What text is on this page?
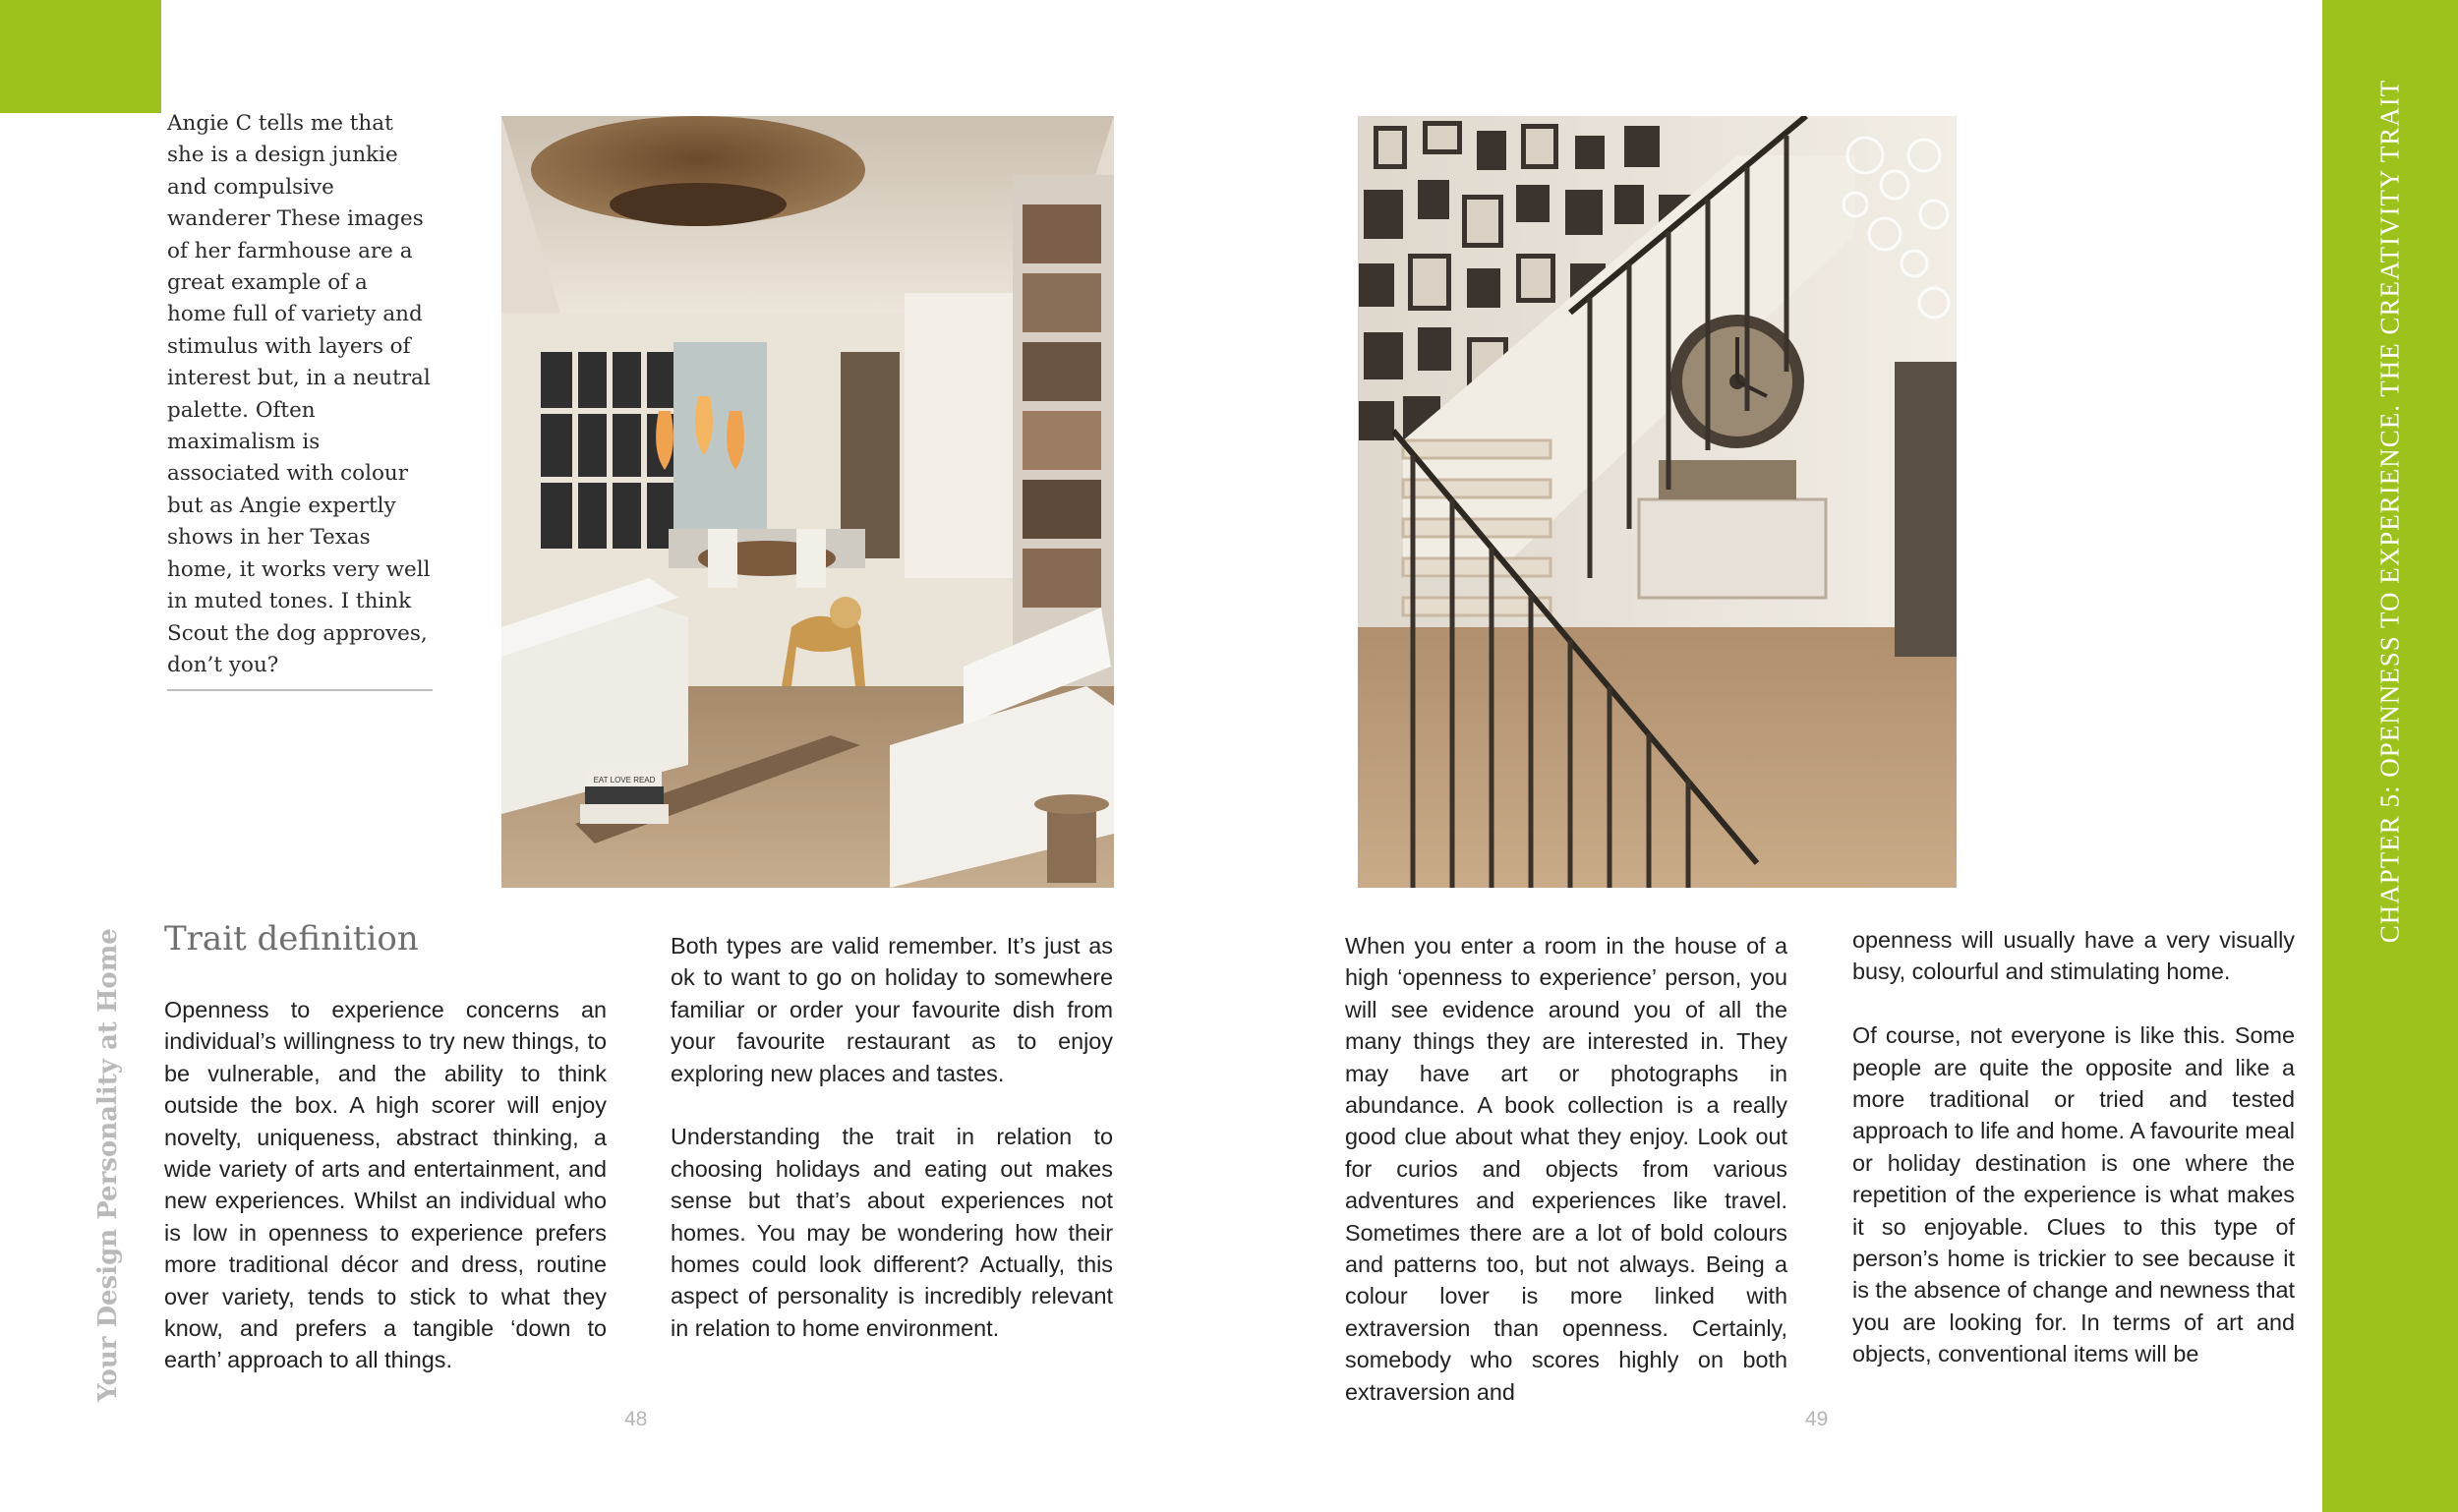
CHAPTER 5: OPENNESS TO EXPERIENCE. THE CREATIVITY TRAIT
Your Design Personality at Home
Angie C tells me that she is a design junkie and compulsive wanderer These images of her farmhouse are a great example of a home full of variety and stimulus with layers of interest but, in a neutral palette. Often maximalism is associated with colour but as Angie expertly shows in her Texas home, it works very well in muted tones. I think Scout the dog approves, don’t you?
EAT LOVE READ
Trait definition

Openness to experience concerns an individual’s willingness to try new things, to be vulnerable, and the ability to think outside the box. A high scorer will enjoy novelty, uniqueness, abstract thinking, a wide variety of arts and entertainment, and new experiences. Whilst an individual who is low in openness to experience prefers more traditional décor and dress, routine over variety, tends to stick to what they know, and prefers a tangible ‘down to earth’ approach to all things.

Both types are valid remember. It’s just as ok to want to go on holiday to somewhere familiar or order your favourite dish from your favourite restaurant as to enjoy exploring new places and tastes.

Understanding the trait in relation to choosing holidays and eating out makes sense but that’s about experiences not homes. You may be wondering how their homes could look different? Actually, this aspect of personality is incredibly relevant in relation to home environment.

When you enter a room in the house of a high ‘openness to experience’ person, you will see evidence around you of all the many things they are interested in. They may have art or photographs in abundance. A book collection is a really good clue about what they enjoy. Look out for curios and objects from various adventures and experiences like travel. Sometimes there are a lot of bold colours and patterns too, but not always. Being a colour lover is more linked with extraversion than openness. Certainly, somebody who scores highly on both extraversion and

openness will usually have a very visually busy, colourful and stimulating home.

Of course, not everyone is like this. Some people are quite the opposite and like a more traditional or tried and tested approach to life and home. A favourite meal or holiday destination is one where the repetition of the experience is what makes it so enjoyable. Clues to this type of person’s home is trickier to see because it is the absence of change and newness that you are looking for. In terms of art and objects, conventional items will be

48	49
